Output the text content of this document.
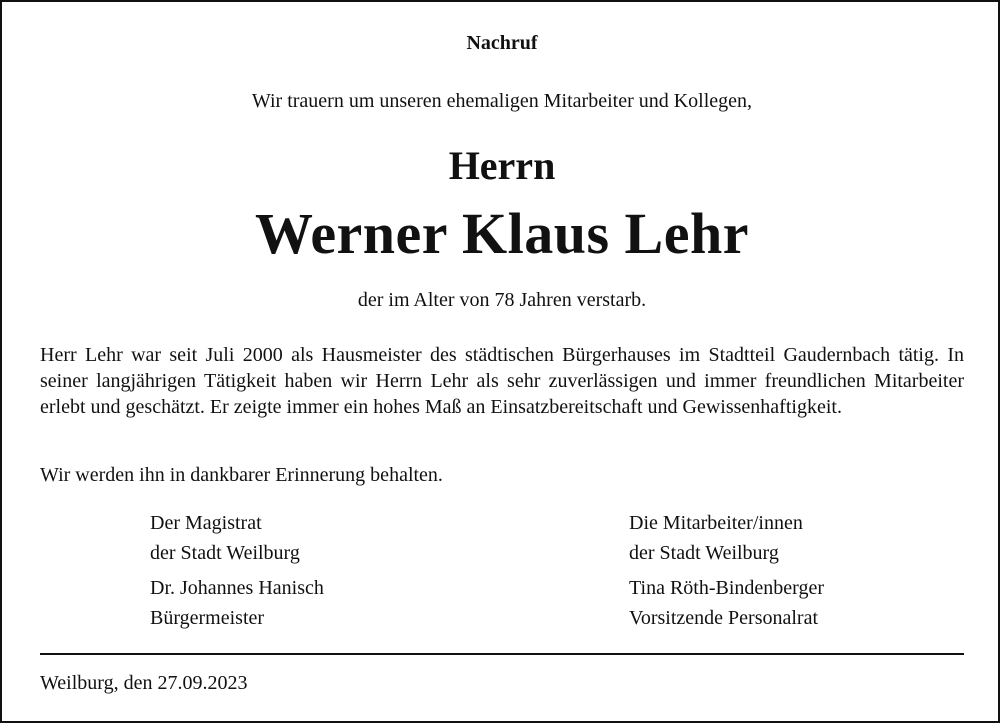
Nachruf
Wir trauern um unseren ehemaligen Mitarbeiter und Kollegen,
Herrn
Werner Klaus Lehr
der im Alter von 78 Jahren verstarb.
Herr Lehr war seit Juli 2000 als Hausmeister des städtischen Bürgerhauses im Stadtteil Gaudernbach tätig. In seiner langjährigen Tätigkeit haben wir Herrn Lehr als sehr zuverlässigen und immer freundlichen Mitarbeiter erlebt und geschätzt. Er zeigte immer ein hohes Maß an Einsatzbereitschaft und Gewissenhaftigkeit.
Wir werden ihn in dankbarer Erinnerung behalten.
Der Magistrat
der Stadt Weilburg
Dr. Johannes Hanisch
Bürgermeister
Die Mitarbeiter/innen
der Stadt Weilburg
Tina Röth-Bindenberger
Vorsitzende Personalrat
Weilburg, den 27.09.2023
